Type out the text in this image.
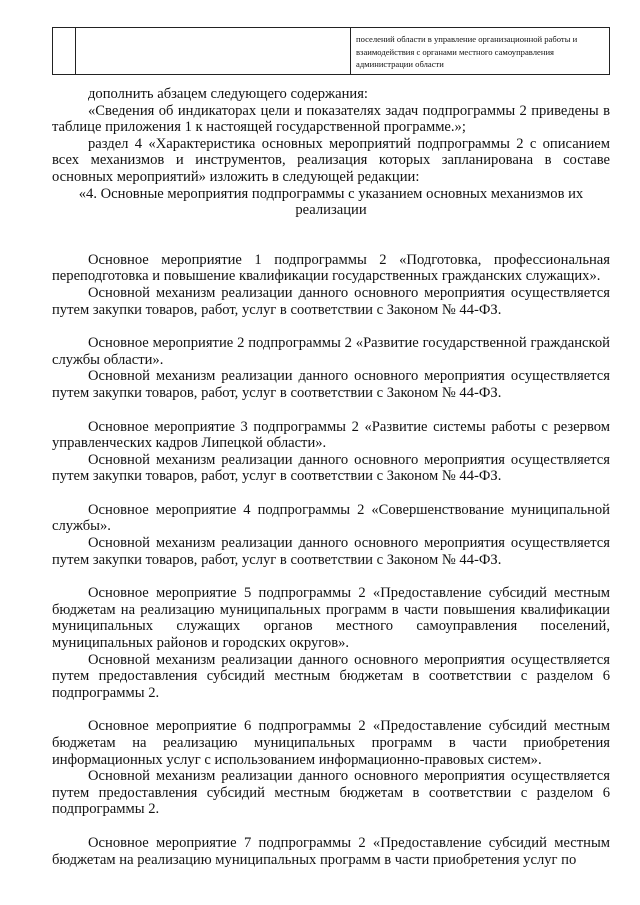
поселений области в управление организационной работы и взаимодействия с органами местного самоуправления администрации области

дополнить абзацем следующего содержания:

«Сведения об индикаторах цели и показателях задач подпрограммы 2 приведены в таблице приложения 1 к настоящей государственной программе.»;

раздел 4 «Характеристика основных мероприятий подпрограммы 2 с описанием всех механизмов и инструментов, реализация которых запланирована в составе основных мероприятий» изложить в следующей редакции:

«4. Основные мероприятия подпрограммы с указанием основных механизмов их реализации

Основное мероприятие 1 подпрограммы 2 «Подготовка, профессиональная переподготовка и повышение квалификации государственных гражданских служащих».

Основной механизм реализации данного основного мероприятия осуществляется путем закупки товаров, работ, услуг в соответствии с Законом № 44-ФЗ.

Основное мероприятие 2 подпрограммы 2 «Развитие государственной гражданской службы области».

Основной механизм реализации данного основного мероприятия осуществляется путем закупки товаров, работ, услуг в соответствии с Законом № 44-ФЗ.

Основное мероприятие 3 подпрограммы 2 «Развитие системы работы с резервом управленческих кадров Липецкой области».

Основной механизм реализации данного основного мероприятия осуществляется путем закупки товаров, работ, услуг в соответствии с Законом № 44-ФЗ.

Основное мероприятие 4 подпрограммы 2 «Совершенствование муниципальной службы».

Основной механизм реализации данного основного мероприятия осуществляется путем закупки товаров, работ, услуг в соответствии с Законом № 44-ФЗ.

Основное мероприятие 5 подпрограммы 2 «Предоставление субсидий местным бюджетам на реализацию муниципальных программ в части повышения квалификации муниципальных служащих органов местного самоуправления поселений, муниципальных районов и городских округов».

Основной механизм реализации данного основного мероприятия осуществляется путем предоставления субсидий местным бюджетам в соответствии с разделом 6 подпрограммы 2.

Основное мероприятие 6 подпрограммы 2 «Предоставление субсидий местным бюджетам на реализацию муниципальных программ в части приобретения информационных услуг с использованием информационно-правовых систем».

Основной механизм реализации данного основного мероприятия осуществляется путем предоставления субсидий местным бюджетам в соответствии с разделом 6 подпрограммы 2.

Основное мероприятие 7 подпрограммы 2 «Предоставление субсидий местным бюджетам на реализацию муниципальных программ в части приобретения услуг по
